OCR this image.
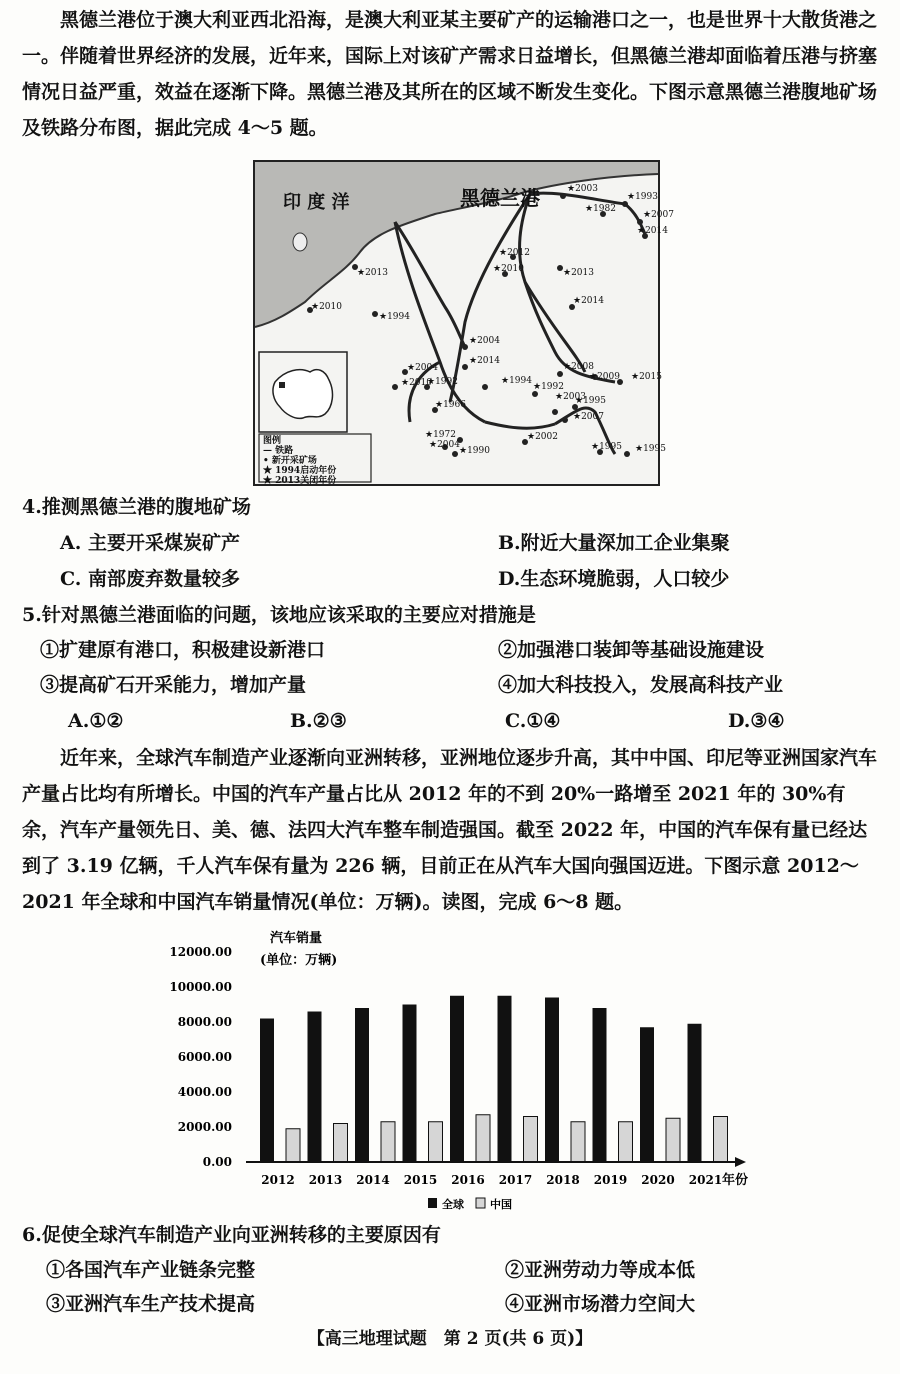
黑德兰港位于澳大利亚西北沿海，是澳大利亚某主要矿产的运输港口之一，也是世界十大散货港之一。伴随着世界经济的发展，近年来，国际上对该矿产需求日益增长，但黑德兰港却面临着压港与挤塞情况日益严重，效益在逐渐下降。黑德兰港及其所在的区域不断发生变化。下图示意黑德兰港腹地矿场及铁路分布图，据此完成 4～5 题。

印 度 洋	黑德兰港	★2003
★1993
★1982
★2007
★2014
★2012
★2010	★2013
★2013
★2014
★2010
★1994
★2004
★2014
★2004
★2010
★1992	★1994
★1992
★2008
★2009 ★2015
★1966
★2003
★1995
★2007
★1972
★2004
★1990
★2002
★1995 ★1995
图例
— 铁路
• 新开采矿场
★ 1994启动年份
★ 2013关闭年份
4.推测黑德兰港的腹地矿场
A. 主要开采煤炭矿产	B.附近大量深加工企业集聚
C. 南部废弃数量较多	D.生态环境脆弱，人口较少
5.针对黑德兰港面临的问题，该地应该采取的主要应对措施是
①扩建原有港口，积极建设新港口	②加强港口装卸等基础设施建设
③提高矿石开采能力，增加产量	④加大科技投入，发展高科技产业
A.①②	B.②③	C.①④	D.③④

近年来，全球汽车制造产业逐渐向亚洲转移，亚洲地位逐步升高，其中中国、印尼等亚洲国家汽车产量占比均有所增长。中国的汽车产量占比从 2012 年的不到 20%一路增至 2021 年的 30%有余，汽车产量领先日、美、德、法四大汽车整车制造强国。截至 2022 年，中国的汽车保有量已经达到了 3.19 亿辆，千人汽车保有量为 226 辆，目前正在从汽车大国向强国迈进。下图示意 2012～2021 年全球和中国汽车销量情况(单位：万辆)。读图，完成 6～8 题。

汽车销量
(单位：万辆)
0.00
2000.00
4000.00
6000.00
8000.00
10000.00
12000.00
2012 2013 2014 2015 2016 2017 2018 2019 2020 2021 年份
全球 中国
6.促使全球汽车制造产业向亚洲转移的主要原因有
①各国汽车产业链条完整	②亚洲劳动力等成本低
③亚洲汽车生产技术提高	④亚洲市场潜力空间大
【高三地理试题　第 2 页(共 6 页)】
